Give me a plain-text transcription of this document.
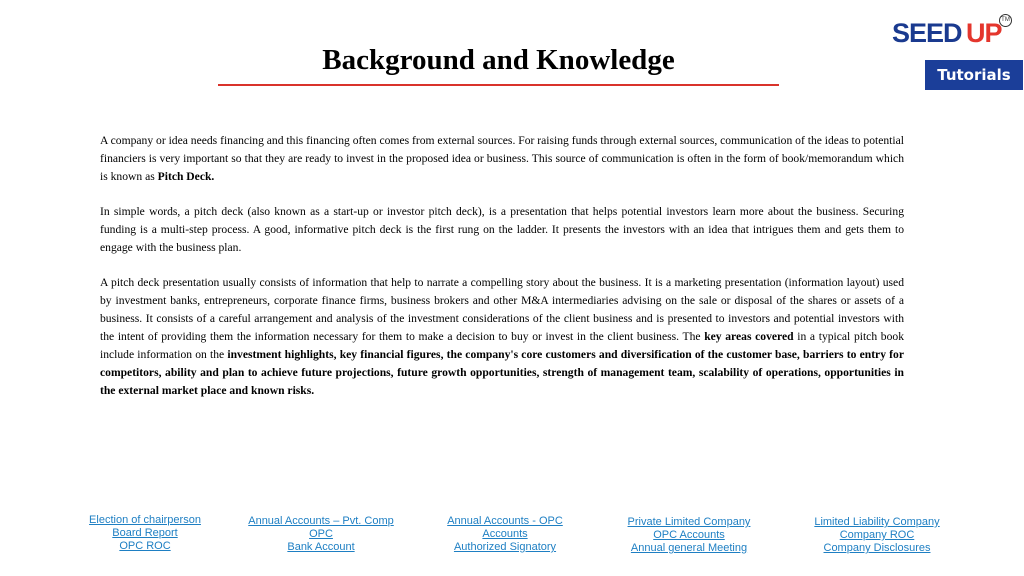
Background and Knowledge
SEED UP TM
Tutorials

A company or idea needs financing and this financing often comes from external sources. For raising funds through external sources, communication of the ideas to potential financiers is very important so that they are ready to invest in the proposed idea or business. This source of communication is often in the form of book/memorandum which is known as Pitch Deck.

In simple words, a pitch deck (also known as a start-up or investor pitch deck), is a presentation that helps potential investors learn more about the business. Securing funding is a multi-step process. A good, informative pitch deck is the first rung on the ladder. It presents the investors with an idea that intrigues them and gets them to engage with the business plan.

A pitch deck presentation usually consists of information that help to narrate a compelling story about the business. It is a marketing presentation (information layout) used by investment banks, entrepreneurs, corporate finance firms, business brokers and other M&A intermediaries advising on the sale or disposal of the shares or assets of a business. It consists of a careful arrangement and analysis of the investment considerations of the client business and is presented to investors and potential investors with the intent of providing them the information necessary for them to make a decision to buy or invest in the client business. The key areas covered in a typical pitch book include information on the investment highlights, key financial figures, the company's core customers and diversification of the customer base, barriers to entry for competitors, ability and plan to achieve future projections, future growth opportunities, strength of management team, scalability of operations, opportunities in the external market place and known risks.

Election of chairperson
Board Report
OPC ROC
Annual Accounts – Pvt. Comp
OPC
Bank Account
Annual Accounts - OPC
Accounts
Authorized Signatory
Private Limited Company
OPC Accounts
Annual general Meeting
Limited Liability Company
Company ROC
Company Disclosures
